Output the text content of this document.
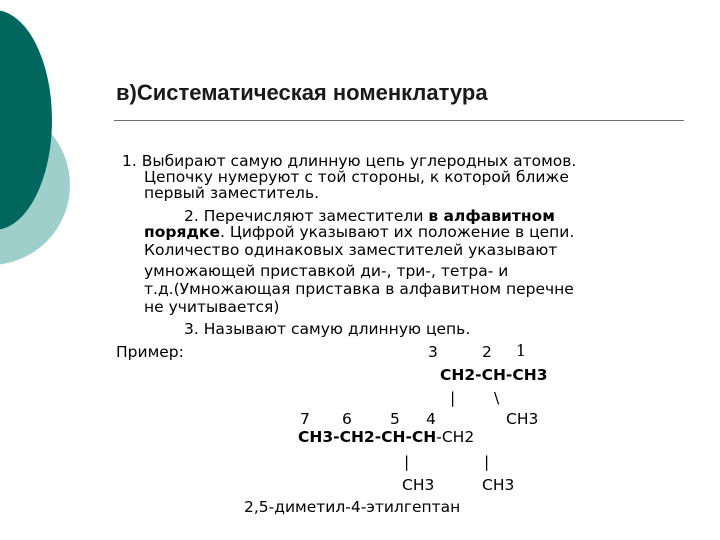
в)Систематическая номенклатура
1. Выбирают самую длинную цепь углеродных атомов.
Цепочку нумеруют с той стороны, к которой ближе
первый заместитель.
2. Перечисляют заместители в алфавитном
порядке. Цифрой указывают их положение в цепи.
Количество одинаковых заместителей указывают
умножающей приставкой ди-, три-, тетра- и
т.д.(Умножающая приставка в алфавитном перечне
не учитывается)
3. Называют самую длинную цепь.
Пример:	3	2 1
CH2-CH-CH3
|	\
7 6 5 4	CH3
CH3-CH2-CH-CH-CH2
|	|
CH3	CH3
2,5-диметил-4-этилгептан
